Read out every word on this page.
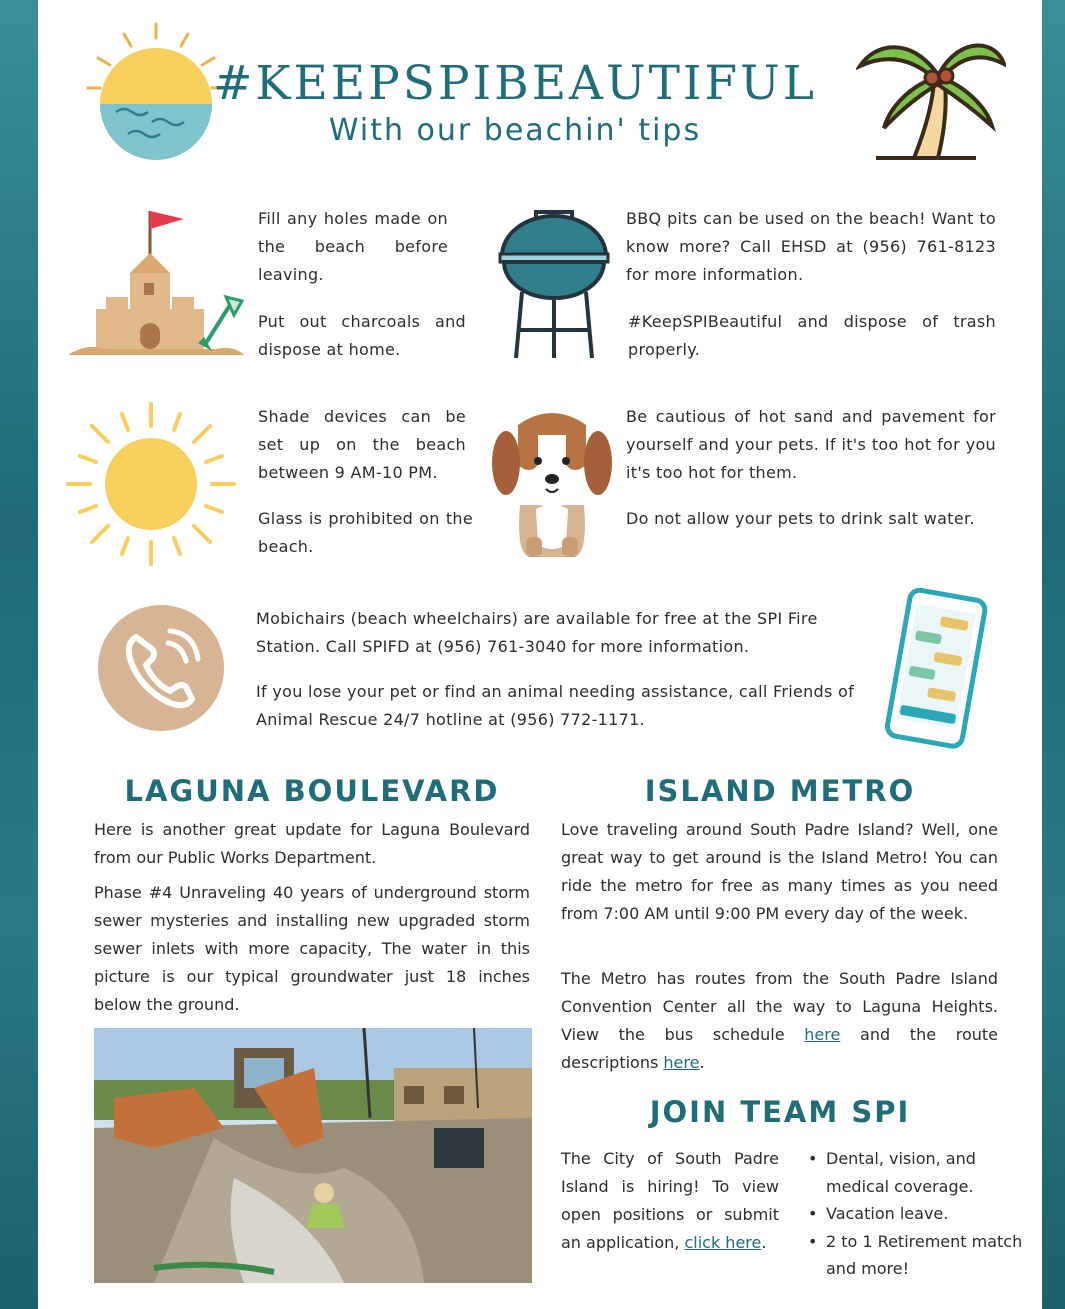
#KEEPSPIBEAUTIFUL
With our beachin' tips
Fill any holes made on the beach before leaving.
Put out charcoals and dispose at home.
BBQ pits can be used on the beach! Want to know more? Call EHSD at (956) 761-8123 for more information.
#KeepSPIBeautiful and dispose of trash properly.
Shade devices can be set up on the beach between 9 AM-10 PM.
Glass is prohibited on the beach.
Be cautious of hot sand and pavement for yourself and your pets. If it's too hot for you it's too hot for them.
Do not allow your pets to drink salt water.
Mobichairs (beach wheelchairs) are available for free at the SPI Fire Station. Call SPIFD at (956) 761-3040 for more information.
If you lose your pet or find an animal needing assistance, call Friends of Animal Rescue 24/7 hotline at (956) 772-1171.
LAGUNA BOULEVARD
Here is another great update for Laguna Boulevard from our Public Works Department.
Phase #4 Unraveling 40 years of underground storm sewer mysteries and installing new upgraded storm sewer inlets with more capacity, The water in this picture is our typical groundwater just 18 inches below the ground.
ISLAND METRO
Love traveling around South Padre Island? Well, one great way to get around is the Island Metro! You can ride the metro for free as many times as you need from 7:00 AM until 9:00 PM every day of the week.
The Metro has routes from the South Padre Island Convention Center all the way to Laguna Heights. View the bus schedule here and the route descriptions here.
JOIN TEAM SPI
The City of South Padre Island is hiring! To view open positions or submit an application, click here.
• Dental, vision, and medical coverage.
• Vacation leave.
• 2 to 1 Retirement match and more!
